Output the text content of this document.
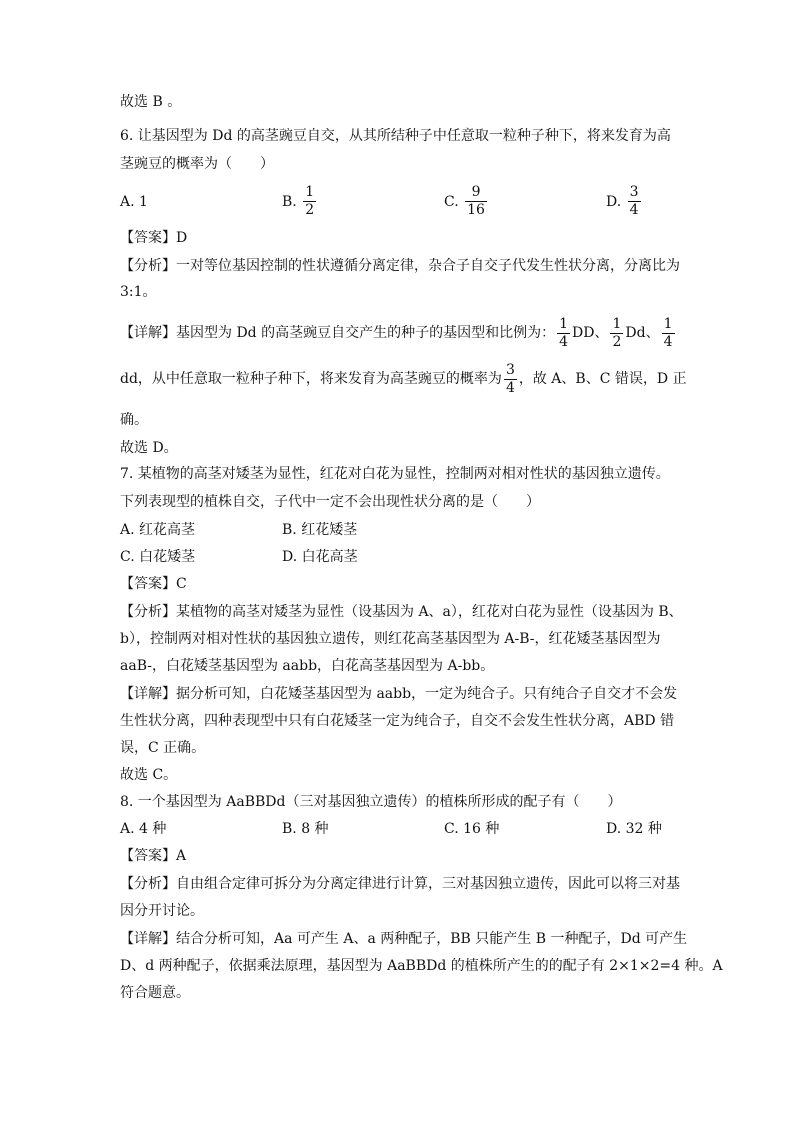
故选 B 。
6. 让基因型为 Dd 的高茎豌豆自交，从其所结种子中任意取一粒种子种下，将来发育为高
茎豌豆的概率为（　　）
A. 1	B. $\frac{1}{2}$	C. $\frac{9}{16}$	D. $\frac{3}{4}$
【答案】D
【分析】一对等位基因控制的性状遵循分离定律，杂合子自交子代发生性状分离，分离比为
3:1。
【详解】基因型为 Dd 的高茎豌豆自交产生的种子的基因型和比例为： $\frac{1}{4}$ DD、 $\frac{1}{2}$ Dd、 $\frac{1}{4}$
dd，从中任意取一粒种子种下，将来发育为高茎豌豆的概率为 $\frac{3}{4}$ ，故 A、B、C 错误，D 正
确。
故选 D。
7. 某植物的高茎对矮茎为显性，红花对白花为显性，控制两对相对性状的基因独立遗传。
下列表现型的植株自交，子代中一定不会出现性状分离的是（　　）
A. 红花高茎	B. 红花矮茎
C. 白花矮茎	D. 白花高茎
【答案】C
【分析】某植物的高茎对矮茎为显性（设基因为 A、a），红花对白花为显性（设基因为 B、
b），控制两对相对性状的基因独立遗传，则红花高茎基因型为 A-B-，红花矮茎基因型为
aaB-，白花矮茎基因型为 aabb，白花高茎基因型为 A-bb。
【详解】据分析可知，白花矮茎基因型为 aabb，一定为纯合子。只有纯合子自交才不会发
生性状分离，四种表现型中只有白花矮茎一定为纯合子，自交不会发生性状分离，ABD 错
误，C 正确。
故选 C。
8. 一个基因型为 AaBBDd（三对基因独立遗传）的植株所形成的配子有（　　）
A. 4 种	B. 8 种	C. 16 种	D. 32 种
【答案】A
【分析】自由组合定律可拆分为分离定律进行计算，三对基因独立遗传，因此可以将三对基
因分开讨论。
【详解】结合分析可知，Aa 可产生 A、a 两种配子，BB 只能产生 B 一种配子，Dd 可产生
D、d 两种配子，依据乘法原理，基因型为 AaBBDd 的植株所产生的的配子有 2×1×2=4 种。A
符合题意。
